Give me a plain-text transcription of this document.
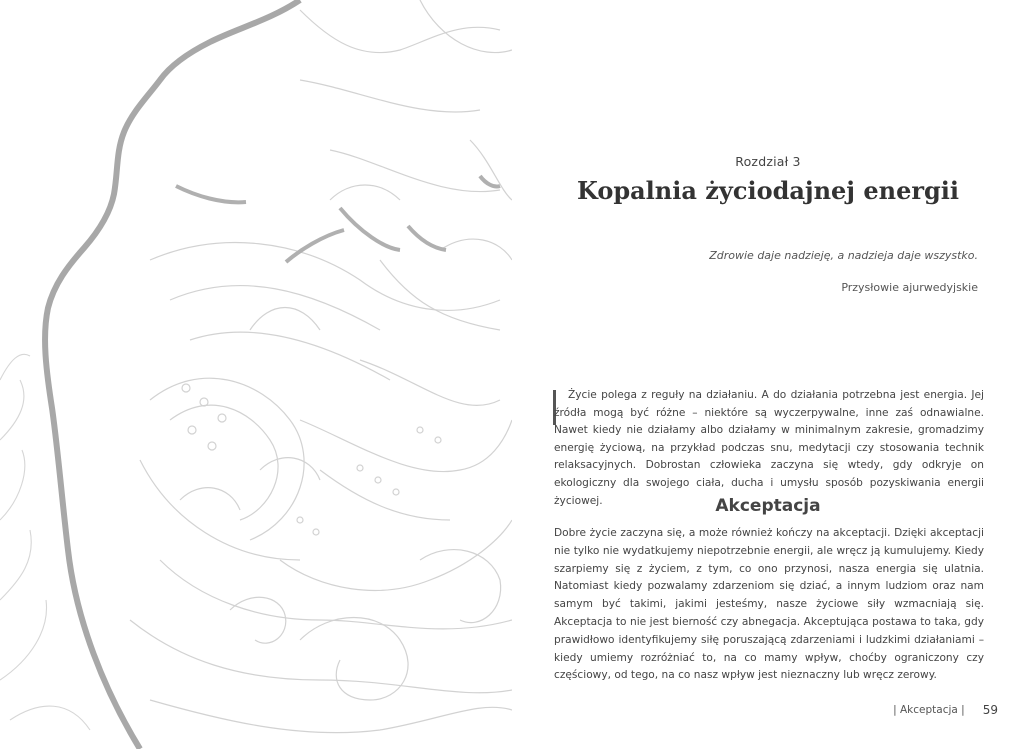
Rozdział 3
Kopalnia życiodajnej energii
Zdrowie daje nadzieję, a nadzieja daje wszystko.
Przysłowie ajurwedyjskie

Życie polega z reguły na działaniu. A do działania potrzebna jest energia. Jej źródła mogą być różne – niektóre są wyczerpywalne, inne zaś odnawialne. Nawet kiedy nie działamy albo działamy w minimalnym zakresie, gromadzimy energię życiową, na przykład podczas snu, medytacji czy stosowania technik relaksacyjnych. Dobrostan człowieka zaczyna się wtedy, gdy odkryje on ekologiczny dla swojego ciała, ducha i umysłu sposób pozyskiwania energii życiowej.	Akceptacja

Dobre życie zaczyna się, a może również kończy na akceptacji. Dzięki akceptacji nie tylko nie wydatkujemy niepotrzebnie energii, ale wręcz ją kumulujemy. Kiedy szarpiemy się z życiem, z tym, co ono przynosi, nasza energia się ulatnia. Natomiast kiedy pozwalamy zdarzeniom się dziać, a innym ludziom oraz nam samym być takimi, jakimi jesteśmy, nasze życiowe siły wzmacniają się. Akceptacja to nie jest bierność czy abnegacja. Akceptująca postawa to taka, gdy prawidłowo identyfikujemy siłę poruszającą zdarzeniami i ludzkimi działaniami – kiedy umiemy rozróżniać to, na co mamy wpływ, choćby ograniczony czy częściowy, od tego, na co nasz wpływ jest nieznaczny lub wręcz zerowy.

| Akceptacja | 59
